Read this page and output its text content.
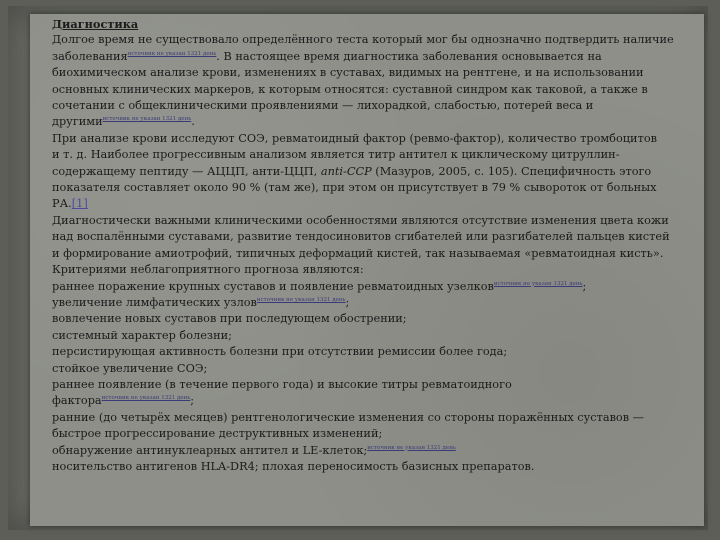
Диагностика
Долгое время не существовало определённого теста который мог бы однозначно подтвердить наличие
заболеванияисточник не указан 1321 день. В настоящее время диагностика заболевания основывается на
биохимическом анализе крови, изменениях в суставах, видимых на рентгене, и на использовании
основных клинических маркеров, к которым относятся: суставной синдром как таковой, а также в
сочетании с общеклиническими проявлениями — лихорадкой, слабостью, потерей веса и
другимиисточник не указан 1321 день.
При анализе крови исследуют СОЭ, ревматоидный фактор (ревмо-фактор), количество тромбоцитов
и т. д. Наиболее прогрессивным анализом является титр антител к циклическому цитруллин-
содержащему пептиду — АЦЦП, анти-ЦЦП, anti-CCP (Мазуров, 2005, с. 105). Специфичность этого
показателя составляет около 90 % (там же), при этом он присутствует в 79 % сывороток от больных
РА.[1]
Диагностически важными клиническими особенностями являются отсутствие изменения цвета кожи
над воспалёнными суставами, развитие тендосиновитов сгибателей или разгибателей пальцев кистей
и формирование амиотрофий, типичных деформаций кистей, так называемая «ревматоидная кисть».
Критериями неблагоприятного прогноза являются:
раннее поражение крупных суставов и появление ревматоидных узелковисточник не указан 1321 день;
увеличение лимфатических узловисточник не указан 1321 день;
вовлечение новых суставов при последующем обострении;
системный характер болезни;
персистирующая активность болезни при отсутствии ремиссии более года;
стойкое увеличение СОЭ;
раннее появление (в течение первого года) и высокие титры ревматоидного
фактораисточник не указан 1321 день;
ранние (до четырёх месяцев) рентгенологические изменения со стороны поражённых суставов —
быстрое прогрессирование деструктивных изменений;
обнаружение антинуклеарных антител и LE-клеток;источник не указан 1321 день
носительство антигенов HLA-DR4; плохая переносимость базисных препаратов.
